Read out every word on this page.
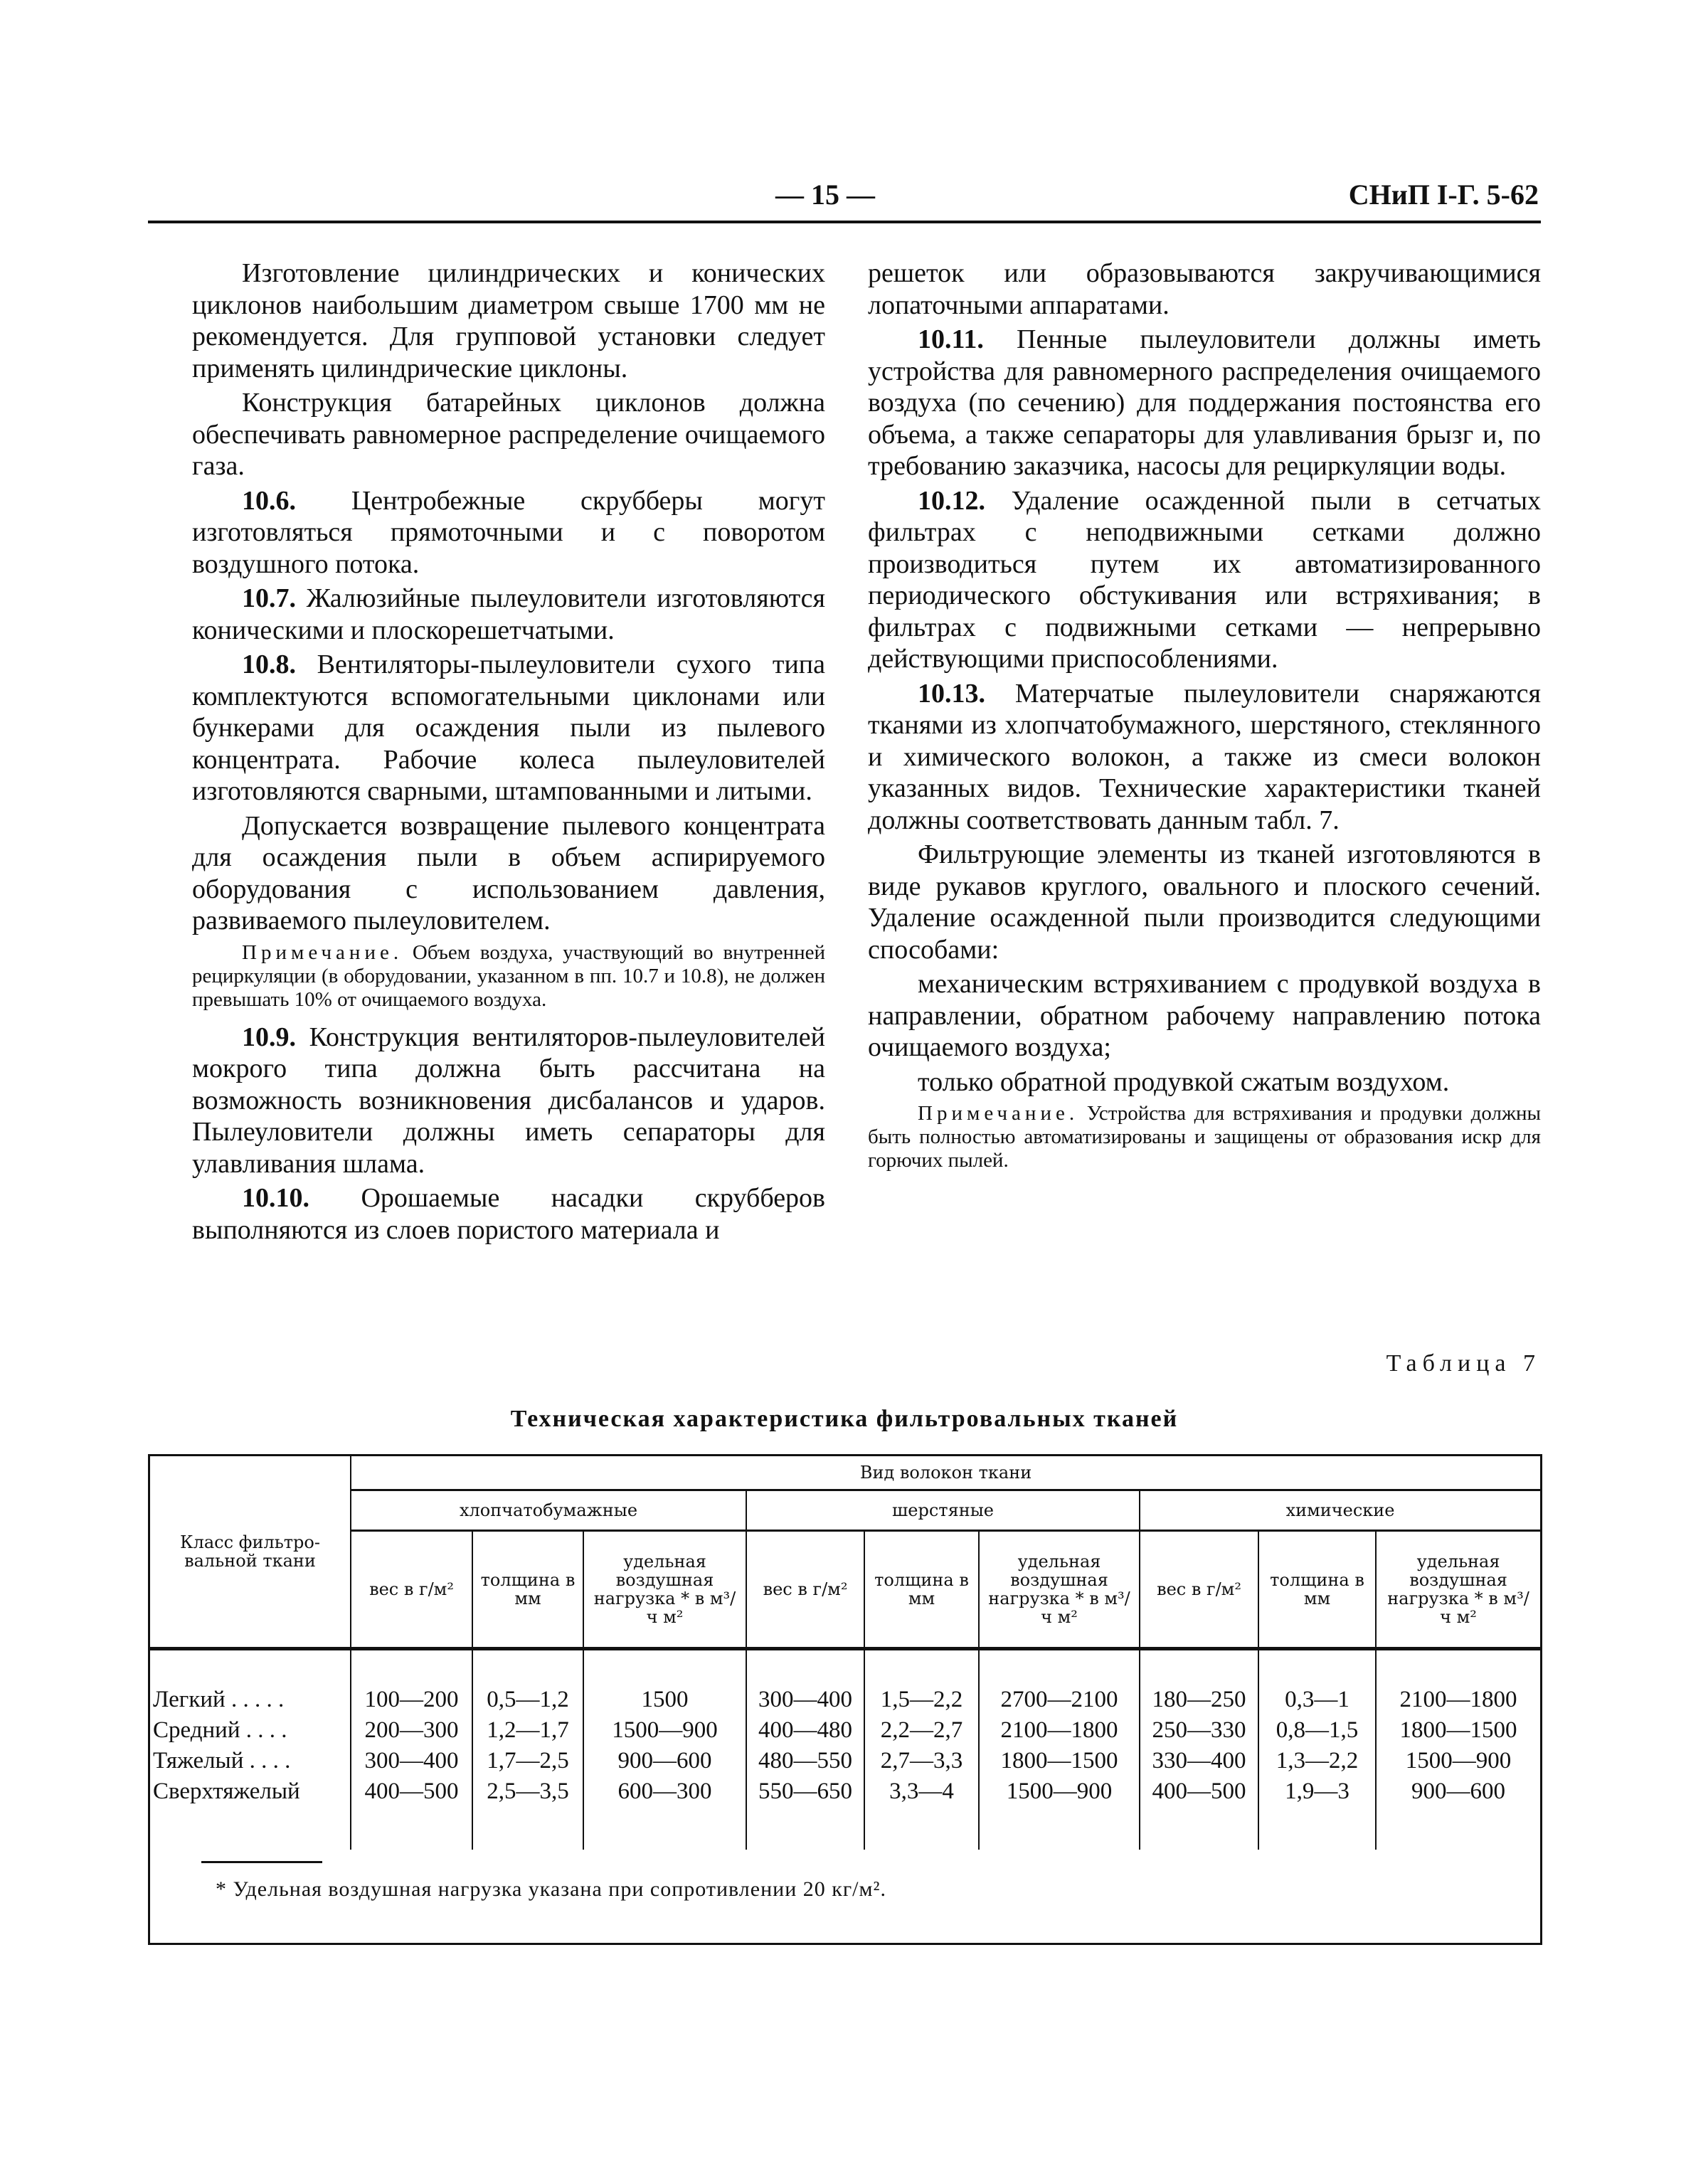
— 15 —	СНиП I-Г. 5-62

Изготовление цилиндрических и конических циклонов наибольшим диаметром свыше 1700 мм не рекомендуется. Для групповой установки следует применять цилиндрические циклоны.

Конструкция батарейных циклонов должна обеспечивать равномерное распределение очищаемого газа.

10.6. Центробежные скрубберы могут изготовляться прямоточными и с поворотом воздушного потока.

10.7. Жалюзийные пылеуловители изготовляются коническими и плоскорешетчатыми.

10.8. Вентиляторы-пылеуловители сухого типа комплектуются вспомогательными циклонами или бункерами для осаждения пыли из пылевого концентрата. Рабочие колеса пылеуловителей изготовляются сварными, штампованными и литыми.

Допускается возвращение пылевого концентрата для осаждения пыли в объем аспирируемого оборудования с использованием давления, развиваемого пылеуловителем.

Примечание. Объем воздуха, участвующий во внутренней рециркуляции (в оборудовании, указанном в пп. 10.7 и 10.8), не должен превышать 10% от очищаемого воздуха.

10.9. Конструкция вентиляторов-пылеуловителей мокрого типа должна быть рассчитана на возможность возникновения дисбалансов и ударов. Пылеуловители должны иметь сепараторы для улавливания шлама.

10.10. Орошаемые насадки скрубберов выполняются из слоев пористого материала и

решеток или образовываются закручивающимися лопаточными аппаратами.

10.11. Пенные пылеуловители должны иметь устройства для равномерного распределения очищаемого воздуха (по сечению) для поддержания постоянства его объема, а также сепараторы для улавливания брызг и, по требованию заказчика, насосы для рециркуляции воды.

10.12. Удаление осажденной пыли в сетчатых фильтрах с неподвижными сетками должно производиться путем их автоматизированного периодического обстукивания или встряхивания; в фильтрах с подвижными сетками — непрерывно действующими приспособлениями.

10.13. Матерчатые пылеуловители снаряжаются тканями из хлопчатобумажного, шерстяного, стеклянного и химического волокон, а также из смеси волокон указанных видов. Технические характеристики тканей должны соответствовать данным табл. 7.

Фильтрующие элементы из тканей изготовляются в виде рукавов круглого, овального и плоского сечений. Удаление осажденной пыли производится следующими способами:

механическим встряхиванием с продувкой воздуха в направлении, обратном рабочему направлению потока очищаемого воздуха;

только обратной продувкой сжатым воздухом.

Примечание. Устройства для встряхивания и продувки должны быть полностью автоматизированы и защищены от образования искр для горючих пылей.

Таблица 7
Техническая характеристика фильтровальных тканей
Класс фильтро-вальной ткани	Вид волокон ткани								
	хлопчатобумажные			шерстяные			химические		
	вес в г/м²	толщина в мм	удельная воздушная нагрузка * в м³/ч м²	вес в г/м²	толщина в мм	удельная воздушная нагрузка * в м³/ч м²	вес в г/м²	толщина в мм	удельная воздушная нагрузка * в м³/ч м²

Легкий . . . . .	100—200	0,5—1,2	1500	300—400	1,5—2,2	2700—2100	180—250	0,3—1	2100—1800
Средний . . . .	200—300	1,2—1,7	1500—900	400—480	2,2—2,7	2100—1800	250—330	0,8—1,5	1800—1500
Тяжелый . . . .	300—400	1,7—2,5	900—600	480—550	2,7—3,3	1800—1500	330—400	1,3—2,2	1500—900
Сверхтяжелый	400—500	2,5—3,5	600—300	550—650	3,3—4	1500—900	400—500	1,9—3	900—600

* Удельная воздушная нагрузка указана при сопротивлении 20 кг/м².
